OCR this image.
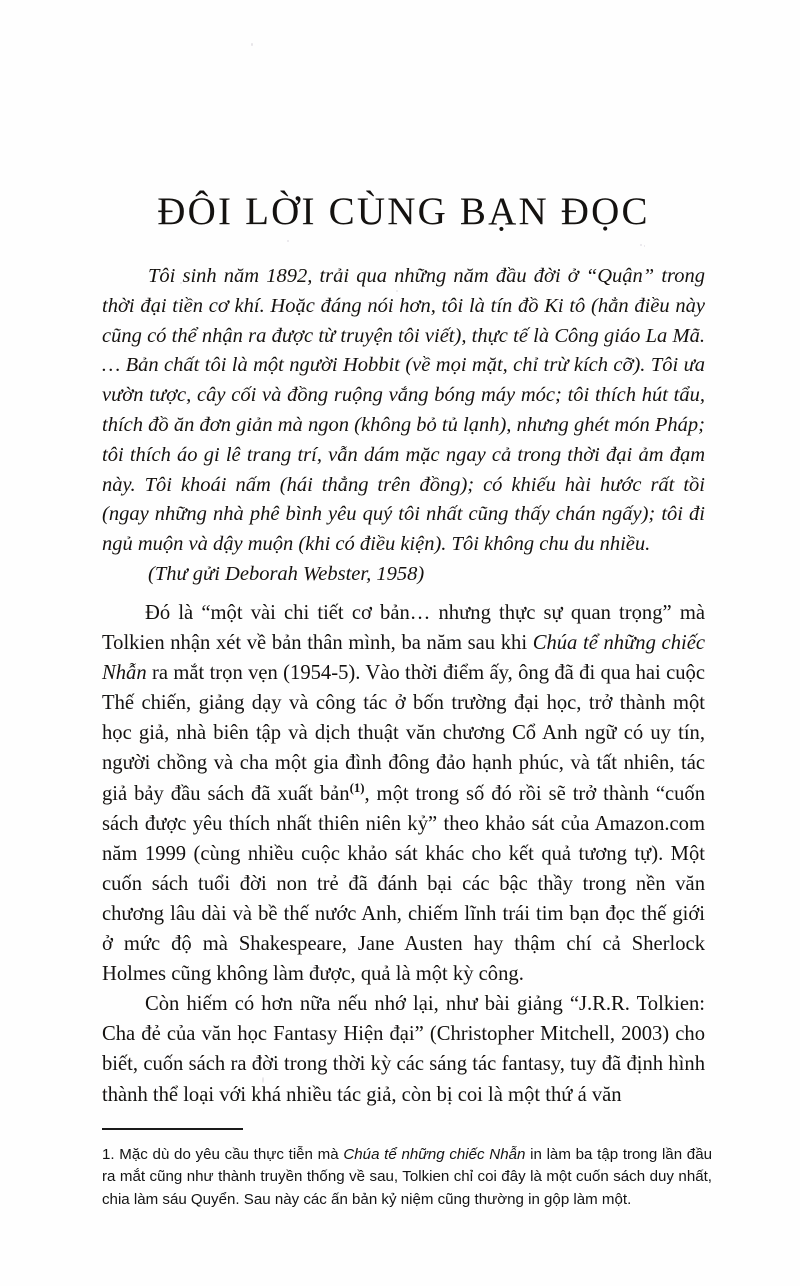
ĐÔI LỜI CÙNG BẠN ĐỌC

Tôi sinh năm 1892, trải qua những năm đầu đời ở “Quận” trong thời đại tiền cơ khí. Hoặc đáng nói hơn, tôi là tín đồ Ki tô (hẳn điều này cũng có thể nhận ra được từ truyện tôi viết), thực tế là Công giáo La Mã. … Bản chất tôi là một người Hobbit (về mọi mặt, chỉ trừ kích cỡ). Tôi ưa vườn tược, cây cối và đồng ruộng vắng bóng máy móc; tôi thích hút tẩu, thích đồ ăn đơn giản mà ngon (không bỏ tủ lạnh), nhưng ghét món Pháp; tôi thích áo gi lê trang trí, vẫn dám mặc ngay cả trong thời đại ảm đạm này. Tôi khoái nấm (hái thẳng trên đồng); có khiếu hài hước rất tồi (ngay những nhà phê bình yêu quý tôi nhất cũng thấy chán ngấy); tôi đi ngủ muộn và dậy muộn (khi có điều kiện). Tôi không chu du nhiều.

(Thư gửi Deborah Webster, 1958)

Đó là “một vài chi tiết cơ bản… nhưng thực sự quan trọng” mà Tolkien nhận xét về bản thân mình, ba năm sau khi Chúa tể những chiếc Nhẫn ra mắt trọn vẹn (1954-5). Vào thời điểm ấy, ông đã đi qua hai cuộc Thế chiến, giảng dạy và công tác ở bốn trường đại học, trở thành một học giả, nhà biên tập và dịch thuật văn chương Cổ Anh ngữ có uy tín, người chồng và cha một gia đình đông đảo hạnh phúc, và tất nhiên, tác giả bảy đầu sách đã xuất bản$^{(1)}$, một trong số đó rồi sẽ trở thành “cuốn sách được yêu thích nhất thiên niên kỷ” theo khảo sát của Amazon.com năm 1999 (cùng nhiều cuộc khảo sát khác cho kết quả tương tự). Một cuốn sách tuổi đời non trẻ đã đánh bại các bậc thầy trong nền văn chương lâu dài và bề thế nước Anh, chiếm lĩnh trái tim bạn đọc thế giới ở mức độ mà Shakespeare, Jane Austen hay thậm chí cả Sherlock Holmes cũng không làm được, quả là một kỳ công.

Còn hiếm có hơn nữa nếu nhớ lại, như bài giảng “J.R.R. Tolkien: Cha đẻ của văn học Fantasy Hiện đại” (Christopher Mitchell, 2003) cho biết, cuốn sách ra đời trong thời kỳ các sáng tác fantasy, tuy đã định hình thành thể loại với khá nhiều tác giả, còn bị coi là một thứ á văn

1. Mặc dù do yêu cầu thực tiễn mà Chúa tể những chiếc Nhẫn in làm ba tập trong lần đầu ra mắt cũng như thành truyền thống về sau, Tolkien chỉ coi đây là một cuốn sách duy nhất, chia làm sáu Quyển. Sau này các ấn bản kỷ niệm cũng thường in gộp làm một.
